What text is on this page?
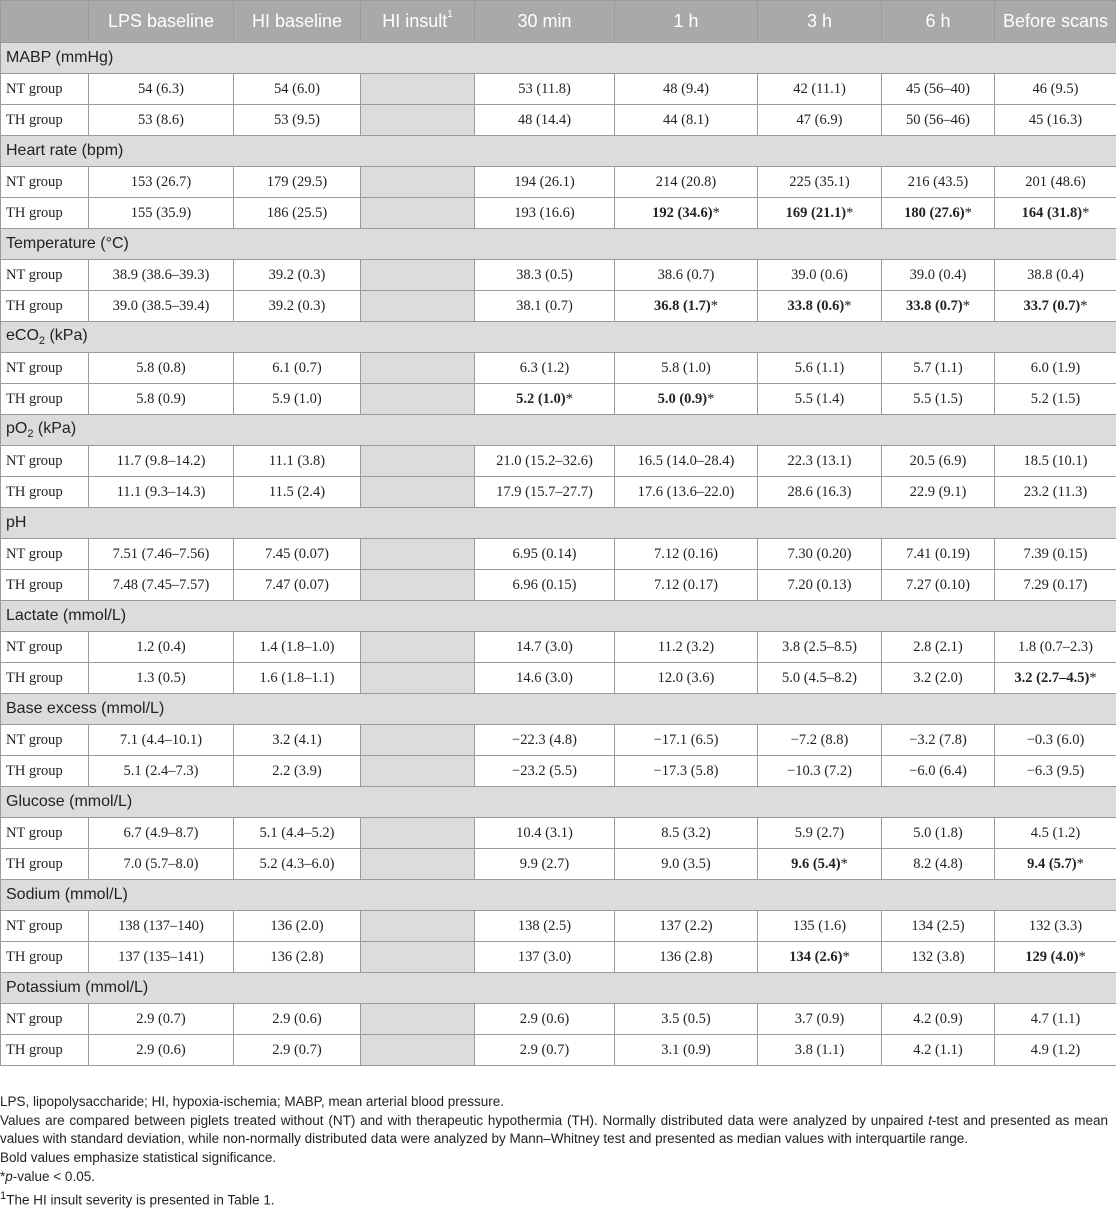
	LPS baseline	HI baseline	HI insult$^1$	30 min	1 h	3 h	6 h	Before scans
MABP (mmHg)								
NT group	54 (6.3)	54 (6.0)		53 (11.8)	48 (9.4)	42 (11.1)	45 (56–40)	46 (9.5)
TH group	53 (8.6)	53 (9.5)		48 (14.4)	44 (8.1)	47 (6.9)	50 (56–46)	45 (16.3)
Heart rate (bpm)								
NT group	153 (26.7)	179 (29.5)		194 (26.1)	214 (20.8)	225 (35.1)	216 (43.5)	201 (48.6)
TH group	155 (35.9)	186 (25.5)		193 (16.6)	192 (34.6)*	169 (21.1)*	180 (27.6)*	164 (31.8)*
Temperature (°C)								
NT group	38.9 (38.6–39.3)	39.2 (0.3)		38.3 (0.5)	38.6 (0.7)	39.0 (0.6)	39.0 (0.4)	38.8 (0.4)
TH group	39.0 (38.5–39.4)	39.2 (0.3)		38.1 (0.7)	36.8 (1.7)*	33.8 (0.6)*	33.8 (0.7)*	33.7 (0.7)*
eCO$_2$ (kPa)								
NT group	5.8 (0.8)	6.1 (0.7)		6.3 (1.2)	5.8 (1.0)	5.6 (1.1)	5.7 (1.1)	6.0 (1.9)
TH group	5.8 (0.9)	5.9 (1.0)		5.2 (1.0)*	5.0 (0.9)*	5.5 (1.4)	5.5 (1.5)	5.2 (1.5)
$pO_2$ (kPa)								
NT group	11.7 (9.8–14.2)	11.1 (3.8)		21.0 (15.2–32.6)	16.5 (14.0–28.4)	22.3 (13.1)	20.5 (6.9)	18.5 (10.1)
TH group	11.1 (9.3–14.3)	11.5 (2.4)		17.9 (15.7–27.7)	17.6 (13.6–22.0)	28.6 (16.3)	22.9 (9.1)	23.2 (11.3)
pH								
NT group	7.51 (7.46–7.56)	7.45 (0.07)		6.95 (0.14)	7.12 (0.16)	7.30 (0.20)	7.41 (0.19)	7.39 (0.15)
TH group	7.48 (7.45–7.57)	7.47 (0.07)		6.96 (0.15)	7.12 (0.17)	7.20 (0.13)	7.27 (0.10)	7.29 (0.17)
Lactate (mmol/L)								
NT group	1.2 (0.4)	1.4 (1.8–1.0)		14.7 (3.0)	11.2 (3.2)	3.8 (2.5–8.5)	2.8 (2.1)	1.8 (0.7–2.3)
TH group	1.3 (0.5)	1.6 (1.8–1.1)		14.6 (3.0)	12.0 (3.6)	5.0 (4.5–8.2)	3.2 (2.0)	3.2 (2.7–4.5)*
Base excess (mmol/L)								
NT group	7.1 (4.4–10.1)	3.2 (4.1)		−22.3 (4.8)	−17.1 (6.5)	−7.2 (8.8)	−3.2 (7.8)	−0.3 (6.0)
TH group	5.1 (2.4–7.3)	2.2 (3.9)		−23.2 (5.5)	−17.3 (5.8)	−10.3 (7.2)	−6.0 (6.4)	−6.3 (9.5)
Glucose (mmol/L)								
NT group	6.7 (4.9–8.7)	5.1 (4.4–5.2)		10.4 (3.1)	8.5 (3.2)	5.9 (2.7)	5.0 (1.8)	4.5 (1.2)
TH group	7.0 (5.7–8.0)	5.2 (4.3–6.0)		9.9 (2.7)	9.0 (3.5)	9.6 (5.4)*	8.2 (4.8)	9.4 (5.7)*
Sodium (mmol/L)								
NT group	138 (137–140)	136 (2.0)		138 (2.5)	137 (2.2)	135 (1.6)	134 (2.5)	132 (3.3)
TH group	137 (135–141)	136 (2.8)		137 (3.0)	136 (2.8)	134 (2.6)*	132 (3.8)	129 (4.0)*
Potassium (mmol/L)								
NT group	2.9 (0.7)	2.9 (0.6)		2.9 (0.6)	3.5 (0.5)	3.7 (0.9)	4.2 (0.9)	4.7 (1.1)
TH group	2.9 (0.6)	2.9 (0.7)		2.9 (0.7)	3.1 (0.9)	3.8 (1.1)	4.2 (1.1)	4.9 (1.2)

LPS, lipopolysaccharide; HI, hypoxia-ischemia; MABP, mean arterial blood pressure.

Values are compared between piglets treated without (NT) and with therapeutic hypothermia (TH). Normally distributed data were analyzed by unpaired t-test and presented as mean values with standard deviation, while non-normally distributed data were analyzed by Mann–Whitney test and presented as median values with interquartile range.

Bold values emphasize statistical significance.

*p-value < 0.05.

$^1$The HI insult severity is presented in Table 1.
